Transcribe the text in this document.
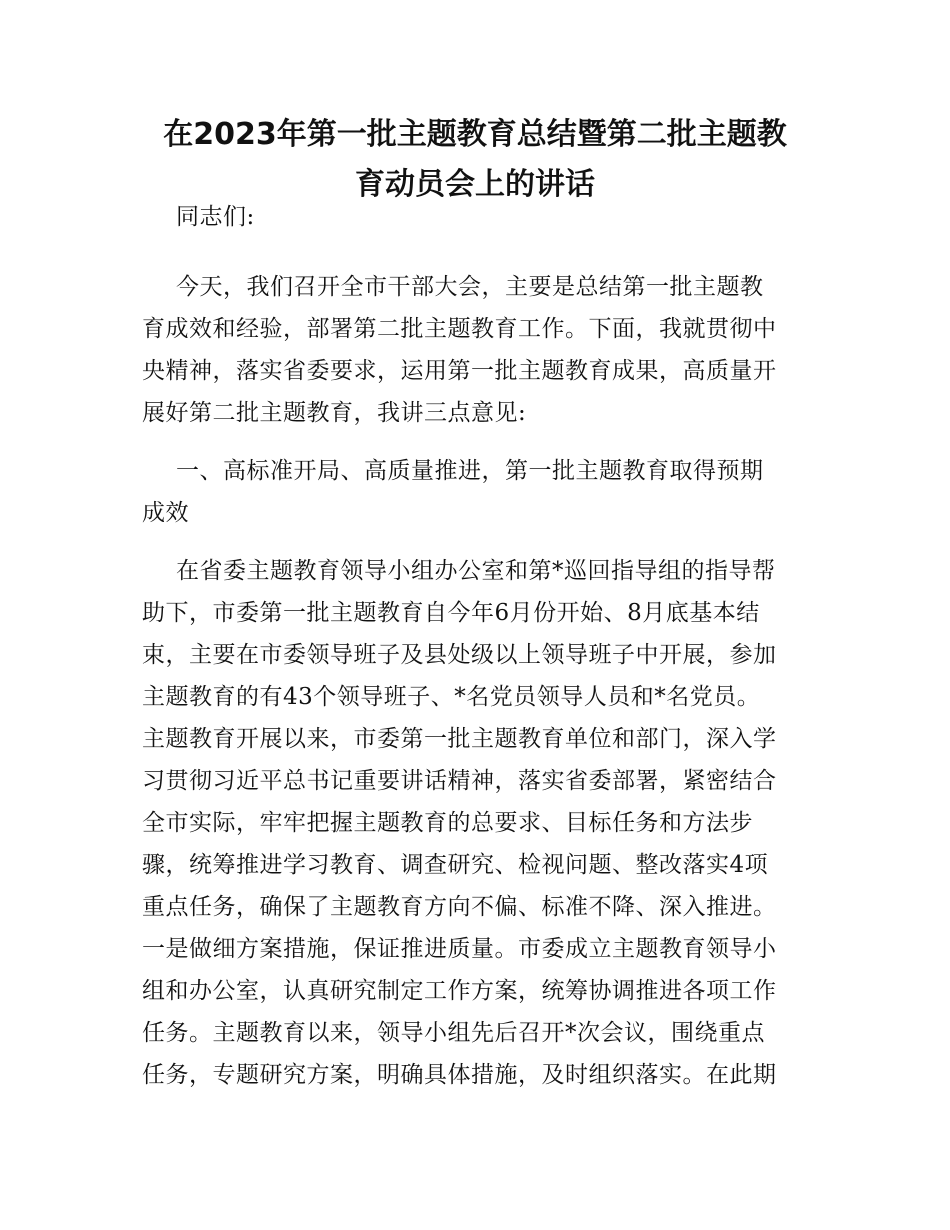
在2023年第一批主题教育总结暨第二批主题教
育动员会上的讲话
同志们:
今天，我们召开全市干部大会，主要是总结第一批主题教
育成效和经验，部署第二批主题教育工作。下面，我就贯彻中
央精神，落实省委要求，运用第一批主题教育成果，高质量开
展好第二批主题教育，我讲三点意见:
一、高标准开局、高质量推进，第一批主题教育取得预期
成效
在省委主题教育领导小组办公室和第*巡回指导组的指导帮
助下，市委第一批主题教育自今年6月份开始、8月底基本结
束，主要在市委领导班子及县处级以上领导班子中开展，参加
主题教育的有43个领导班子、*名党员领导人员和*名党员。
主题教育开展以来，市委第一批主题教育单位和部门，深入学
习贯彻习近平总书记重要讲话精神，落实省委部署，紧密结合
全市实际，牢牢把握主题教育的总要求、目标任务和方法步
骤，统筹推进学习教育、调查研究、检视问题、整改落实4项
重点任务，确保了主题教育方向不偏、标准不降、深入推进。
一是做细方案措施，保证推进质量。市委成立主题教育领导小
组和办公室，认真研究制定工作方案，统筹协调推进各项工作
任务。主题教育以来，领导小组先后召开*次会议，围绕重点
任务，专题研究方案，明确具体措施，及时组织落实。在此期
